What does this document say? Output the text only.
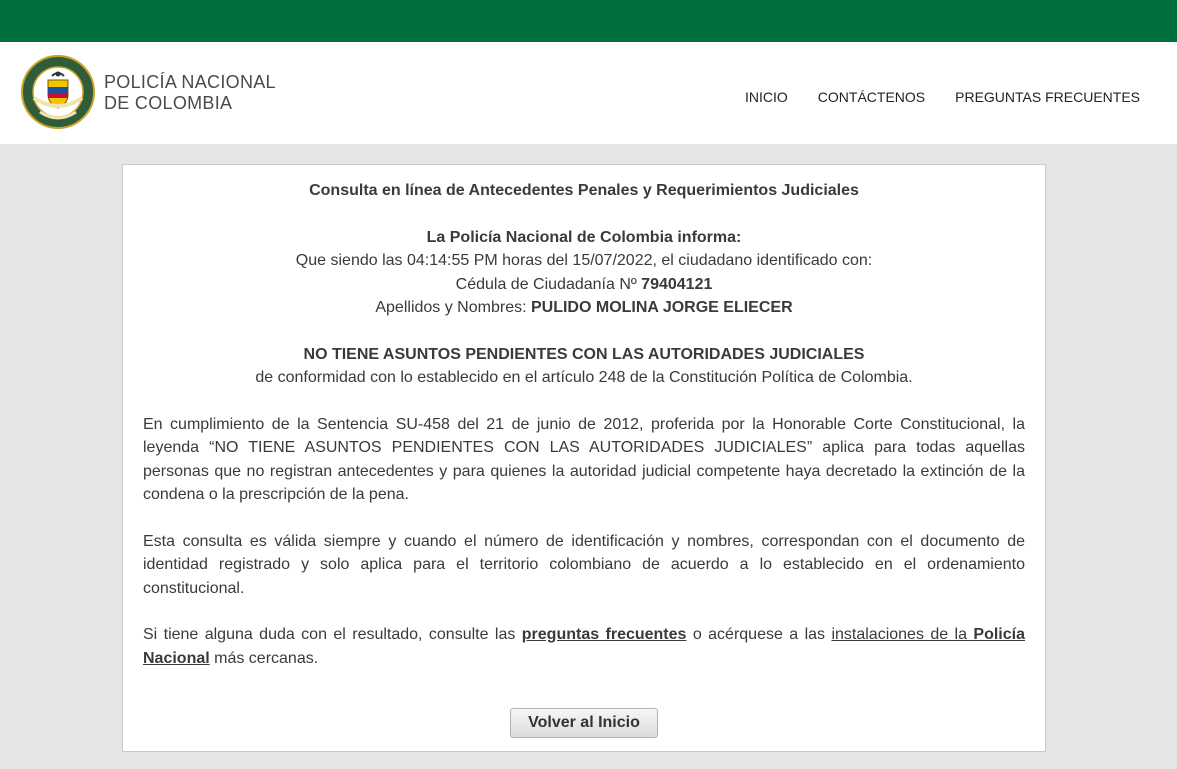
POLICÍA NACIONAL
DE COLOMBIA	INICIO CONTÁCTENOS PREGUNTAS FRECUENTES
Consulta en línea de Antecedentes Penales y Requerimientos Judiciales
La Policía Nacional de Colombia informa:
Que siendo las 04:14:55 PM horas del 15/07/2022, el ciudadano identificado con:
Cédula de Ciudadanía Nº 79404121
Apellidos y Nombres: PULIDO MOLINA JORGE ELIECER
NO TIENE ASUNTOS PENDIENTES CON LAS AUTORIDADES JUDICIALES
de conformidad con lo establecido en el artículo 248 de la Constitución Política de Colombia.
En cumplimiento de la Sentencia SU-458 del 21 de junio de 2012, proferida por la Honorable Corte Constitucional, la leyenda “NO TIENE ASUNTOS PENDIENTES CON LAS AUTORIDADES JUDICIALES” aplica para todas aquellas personas que no registran antecedentes y para quienes la autoridad judicial competente haya decretado la extinción de la condena o la prescripción de la pena.
Esta consulta es válida siempre y cuando el número de identificación y nombres, correspondan con el documento de identidad registrado y solo aplica para el territorio colombiano de acuerdo a lo establecido en el ordenamiento constitucional.
Si tiene alguna duda con el resultado, consulte las preguntas frecuentes o acérquese a las instalaciones de la Policía Nacional más cercanas.
Volver al Inicio
